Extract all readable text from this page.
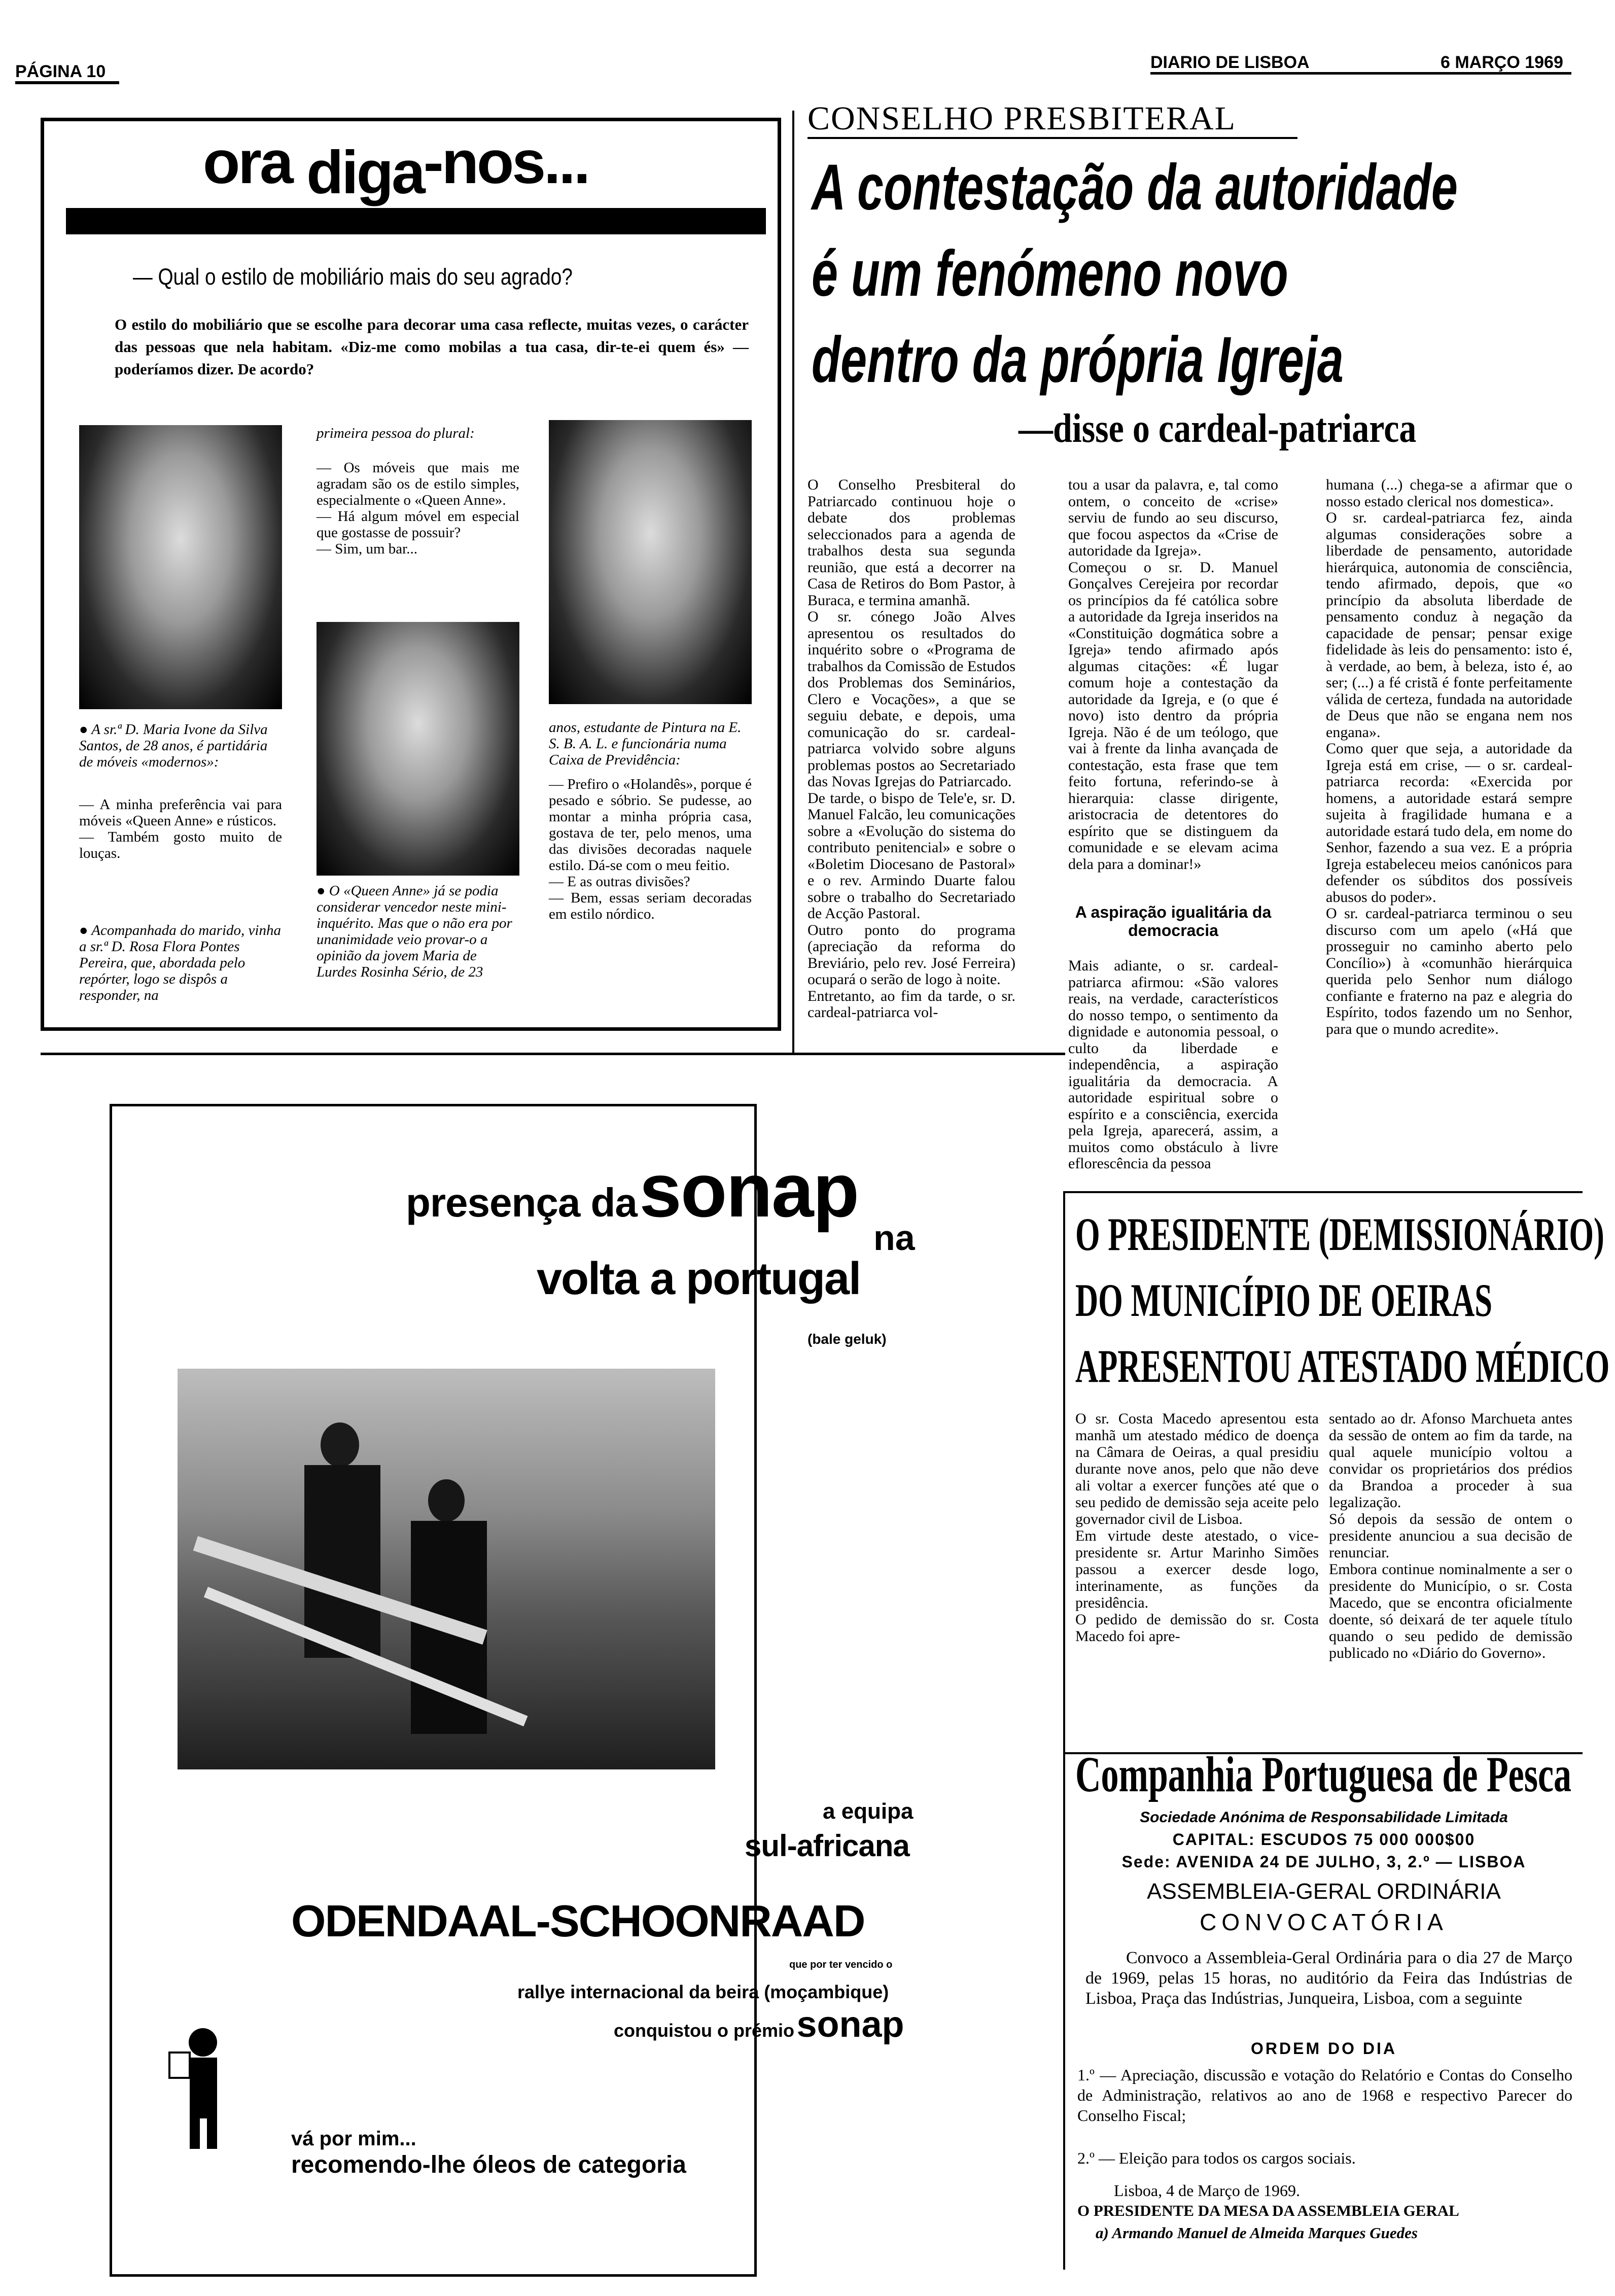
PÁGINA 10	DIARIO DE LISBOA	6 MARÇO 1969
ora diga-nos...
— Qual o estilo de mobiliário mais do seu agrado?
O estilo do mobiliário que se escolhe para decorar uma casa reflecte, muitas vezes, o carácter das pessoas que nela habitam. «Diz-me como mobilas a tua casa, dir-te-ei quem és» — poderíamos dizer. De acordo?

● A sr.ª D. Maria Ivone da Silva Santos, de 28 anos, é partidária de móveis «modernos»:

— A minha preferência vai para móveis «Queen Anne» e rústicos.
— Também gosto muito de louças.

● Acompanhada do marido, vinha a sr.ª D. Rosa Flora Pontes Pereira, que, abordada pelo repórter, logo se dispôs a responder, na

primeira pessoa do plural:

— Os móveis que mais me agradam são os de estilo simples, especialmente o «Queen Anne».
— Há algum móvel em especial que gostasse de possuir?
— Sim, um bar...

● O «Queen Anne» já se podia considerar vencedor neste mini-inquérito. Mas que o não era por unanimidade veio provar-o a opinião da jovem Maria de Lurdes Rosinha Sério, de 23

anos, estudante de Pintura na E. S. B. A. L. e funcionária numa Caixa de Previdência:

— Prefiro o «Holandês», porque é pesado e sóbrio. Se pudesse, ao montar a minha própria casa, gostava de ter, pelo menos, uma das divisões decoradas naquele estilo. Dá-se com o meu feitio.
— E as outras divisões?
— Bem, essas seriam decoradas em estilo nórdico.

CONSELHO PRESBITERAL
A contestação da autoridade
é um fenómeno novo
dentro da própria Igreja
—disse o cardeal-patriarca

O Conselho Presbiteral do Patriarcado continuou hoje o debate dos problemas seleccionados para a agenda de trabalhos desta sua segunda reunião, que está a decorrer na Casa de Retiros do Bom Pastor, à Buraca, e termina amanhã.
O sr. cónego João Alves apresentou os resultados do inquérito sobre o «Programa de trabalhos da Comissão de Estudos dos Problemas dos Seminários, Clero e Vocações», a que se seguiu debate, e depois, uma comunicação do sr. cardeal-patriarca volvido sobre alguns problemas postos ao Secretariado das Novas Igrejas do Patriarcado.
De tarde, o bispo de Tele'e, sr. D. Manuel Falcão, leu comunicações sobre a «Evolução do sistema do contributo penitencial» e sobre o «Boletim Diocesano de Pastoral» e o rev. Armindo Duarte falou sobre o trabalho do Secretariado de Acção Pastoral.
Outro ponto do programa (apreciação da reforma do Breviário, pelo rev. José Ferreira) ocupará o serão de logo à noite.
Entretanto, ao fim da tarde, o sr. cardeal-patriarca vol-

tou a usar da palavra, e, tal como ontem, o conceito de «crise» serviu de fundo ao seu discurso, que focou aspectos da «Crise de autoridade da Igreja».
Começou o sr. D. Manuel Gonçalves Cerejeira por recordar os princípios da fé católica sobre a autoridade da Igreja inseridos na «Constituição dogmática sobre a Igreja» tendo afirmado após algumas citações: «É lugar comum hoje a contestação da autoridade da Igreja, e (o que é novo) isto dentro da própria Igreja. Não é de um teólogo, que vai à frente da linha avançada de contestação, esta frase que tem feito fortuna, referindo-se à hierarquia: classe dirigente, aristocracia de detentores do espírito que se distinguem da comunidade e se elevam acima dela para a dominar!»

A aspiração igualitária da democracia

Mais adiante, o sr. cardeal-patriarca afirmou: «São valores reais, na verdade, característicos do nosso tempo, o sentimento da dignidade e autonomia pessoal, o culto da liberdade e independência, a aspiração igualitária da democracia. A autoridade espiritual sobre o espírito e a consciência, exercida pela Igreja, aparecerá, assim, a muitos como obstáculo à livre eflorescência da pessoa

humana (...) chega-se a afirmar que o nosso estado clerical nos domestica».
O sr. cardeal-patriarca fez, ainda algumas considerações sobre a liberdade de pensamento, autoridade hierárquica, autonomia de consciência, tendo afirmado, depois, que «o princípio da absoluta liberdade de pensamento conduz à negação da capacidade de pensar; pensar exige fidelidade às leis do pensamento: isto é, à verdade, ao bem, à beleza, isto é, ao ser; (...) a fé cristã é fonte perfeitamente válida de certeza, fundada na autoridade de Deus que não se engana nem nos engana».
Como quer que seja, a autoridade da Igreja está em crise, — o sr. cardeal-patriarca recorda: «Exercida por homens, a autoridade estará sempre sujeita à fragilidade humana e a autoridade estará tudo dela, em nome do Senhor, fazendo a sua vez. E a própria Igreja estabeleceu meios canónicos para defender os súbditos dos possíveis abusos do poder».
O sr. cardeal-patriarca terminou o seu discurso com um apelo («Há que prosseguir no caminho aberto pelo Concílio») à «comunhão hierárquica querida pelo Senhor num diálogo confiante e fraterno na paz e alegria do Espírito, todos fazendo um no Senhor, para que o mundo acredite».

presença da sonap
na
volta a portugal
(bale geluk)
a equipa
sul-africana
ODENDAAL-SCHOONRAAD
que por ter vencido o
rallye internacional da beira (moçambique)
conquistou o prémio sonap
vá por mim...
recomendo-lhe óleos de categoria
O PRESIDENTE (DEMISSIONÁRIO)
DO MUNICÍPIO DE OEIRAS
APRESENTOU ATESTADO MÉDICO

O sr. Costa Macedo apresentou esta manhã um atestado médico de doença na Câmara de Oeiras, a qual presidiu durante nove anos, pelo que não deve ali voltar a exercer funções até que o seu pedido de demissão seja aceite pelo governador civil de Lisboa.
Em virtude deste atestado, o vice-presidente sr. Artur Marinho Simões passou a exercer desde logo, interinamente, as funções da presidência.
O pedido de demissão do sr. Costa Macedo foi apre-

sentado ao dr. Afonso Marchueta antes da sessão de ontem ao fim da tarde, na qual aquele município voltou a convidar os proprietários dos prédios da Brandoa a proceder à sua legalização.
Só depois da sessão de ontem o presidente anunciou a sua decisão de renunciar.
Embora continue nominalmente a ser o presidente do Município, o sr. Costa Macedo, que se encontra oficialmente doente, só deixará de ter aquele título quando o seu pedido de demissão publicado no «Diário do Governo».

Companhia Portuguesa de Pesca
Sociedade Anónima de Responsabilidade Limitada
CAPITAL: ESCUDOS 75 000 000$00
Sede: AVENIDA 24 DE JULHO, 3, 2.º — LISBOA
ASSEMBLEIA-GERAL ORDINÁRIA
CONVOCATÓRIA

Convoco a Assembleia-Geral Ordinária para o dia 27 de Março de 1969, pelas 15 horas, no auditório da Feira das Indústrias de Lisboa, Praça das Indústrias, Junqueira, Lisboa, com a seguinte

ORDEM DO DIA

1.º — Apreciação, discussão e votação do Relatório e Contas do Conselho de Administração, relativos ao ano de 1968 e respectivo Parecer do Conselho Fiscal;

2.º — Eleição para todos os cargos sociais.

Lisboa, 4 de Março de 1969.
O PRESIDENTE DA MESA DA ASSEMBLEIA GERAL
a) Armando Manuel de Almeida Marques Guedes
